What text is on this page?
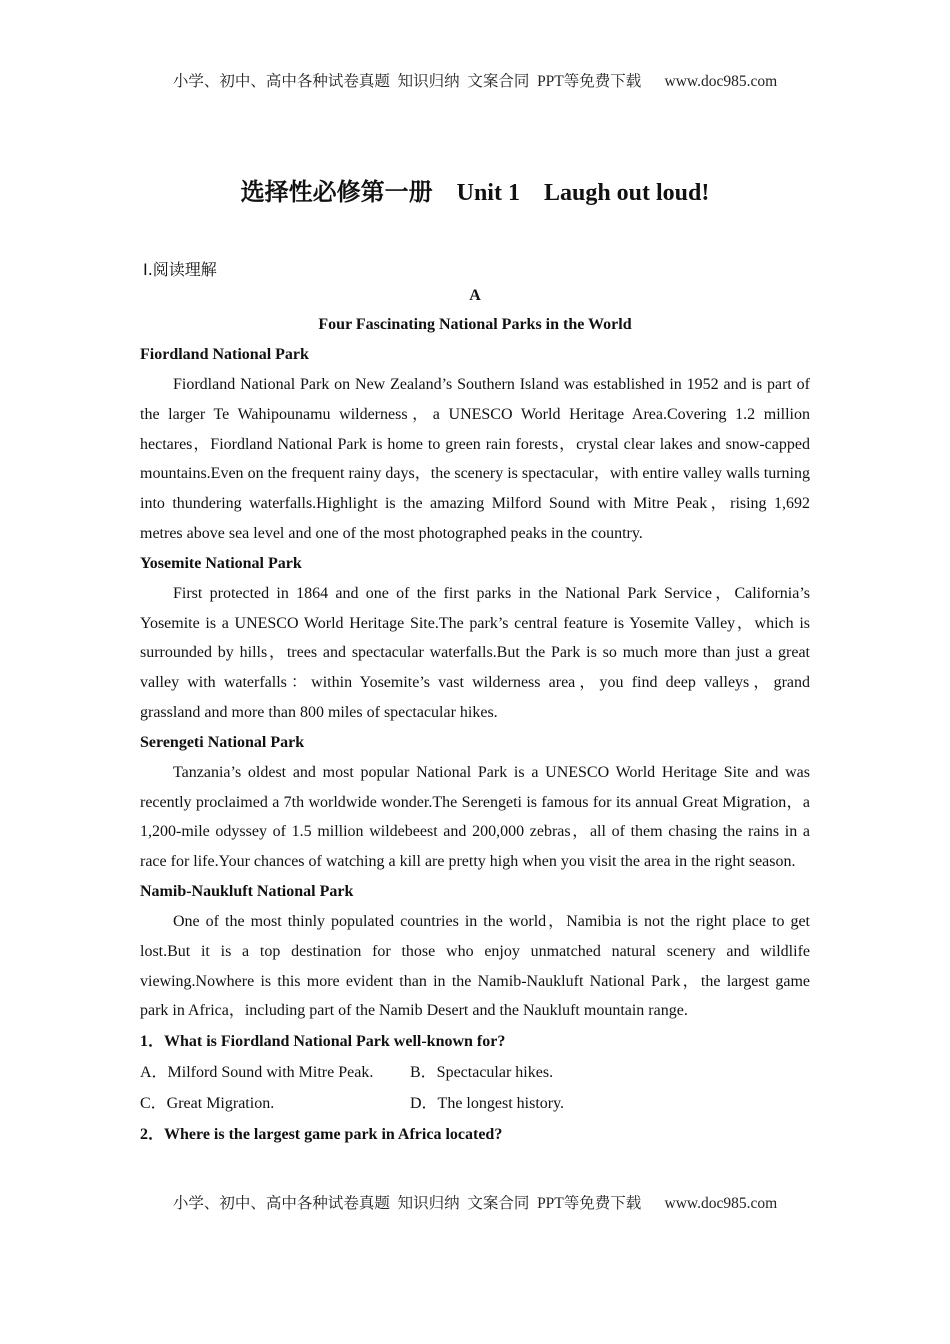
小学、初中、高中各种试卷真题  知识归纳  文案合同  PPT等免费下载      www.doc985.com
选择性必修第一册    Unit 1    Laugh out loud!
Ⅰ.阅读理解
A
Four Fascinating National Parks in the World
Fiordland National Park

Fiordland National Park on New Zealand’s Southern Island was established in 1952 and is part of the larger Te Wahipounamu wilderness，a UNESCO World Heritage Area.Covering 1.2 million hectares，Fiordland National Park is home to green rain forests，crystal clear lakes and snow-capped mountains.Even on the frequent rainy days，the scenery is spectacular，with entire valley walls turning into thundering waterfalls.Highlight is the amazing Milford Sound with Mitre Peak，rising 1,692 metres above sea level and one of the most photographed peaks in the country.

Yosemite National Park

First protected in 1864 and one of the first parks in the National Park Service，California’s Yosemite is a UNESCO World Heritage Site.The park’s central feature is Yosemite Valley，which is surrounded by hills，trees and spectacular waterfalls.But the Park is so much more than just a great valley with waterfalls：within Yosemite’s vast wilderness area，you find deep valleys，grand grassland and more than 800 miles of spectacular hikes.

Serengeti National Park

Tanzania’s oldest and most popular National Park is a UNESCO World Heritage Site and was recently proclaimed a 7th worldwide wonder.The Serengeti is famous for its annual Great Migration，a 1,200-mile odyssey of 1.5 million wildebeest and 200,000 zebras，all of them chasing the rains in a race for life.Your chances of watching a kill are pretty high when you visit the area in the right season.

Namib-Naukluft National Park

One of the most thinly populated countries in the world，Namibia is not the right place to get lost.But it is a top destination for those who enjoy unmatched natural scenery and wildlife viewing.Nowhere is this more evident than in the Namib-Naukluft National Park，the largest game park in Africa，including part of the Namib Desert and the Naukluft mountain range.

1．What is Fiordland National Park well-known for?
A．Milford Sound with Mitre Peak.	B．Spectacular hikes.
C．Great Migration.	D．The longest history.
2．Where is the largest game park in Africa located?
小学、初中、高中各种试卷真题  知识归纳  文案合同  PPT等免费下载      www.doc985.com
